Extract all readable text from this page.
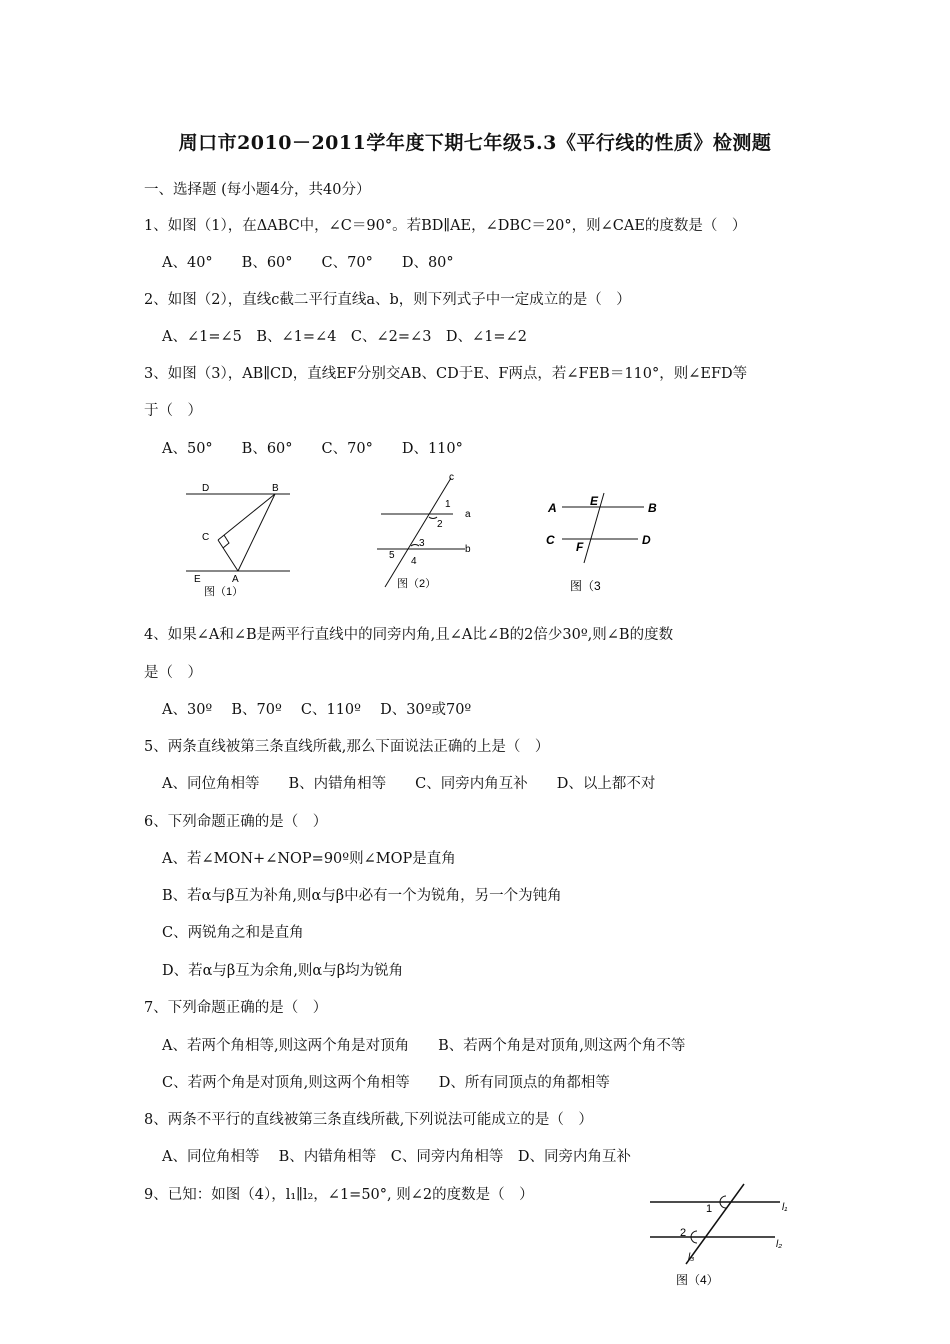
周口市2010－2011学年度下期七年级5.3《平行线的性质》检测题
一、选择题 (每小题4分，共40分）
1、如图（1），在ΔABC中，∠C＝90°。若BD∥AE，∠DBC＝20°，则∠CAE的度数是（　）
A、40°　　B、60°　　C、70°　　D、80°
2、如图（2），直线c截二平行直线a、b，则下列式子中一定成立的是（　）
A、∠1=∠5　B、∠1=∠4　C、∠2=∠3　D、∠1=∠2
3、如图（3），AB∥CD，直线EF分别交AB、CD于E、F两点，若∠FEB＝110°，则∠EFD等
于（　）
A、50°　　B、60°　　C、70°　　D、110°
D	B
C
E	A
图（1）
c
a
b
1
2
3
4
5
图（2）
A	E	B
C F	D
图（3
4、如果∠A和∠B是两平行直线中的同旁内角,且∠A比∠B的2倍少30º,则∠B的度数
是（　）
A、30º　 B、70º　 C、110º　 D、30º或70º
5、两条直线被第三条直线所截,那么下面说法正确的上是（　）
A、同位角相等　　B、内错角相等　　C、同旁内角互补　　D、以上都不对
6、下列命题正确的是（　）
A、若∠MON+∠NOP=90º则∠MOP是直角
B、若α与β互为补角,则α与β中必有一个为锐角，另一个为钝角
C、两锐角之和是直角
D、若α与β互为余角,则α与β均为锐角
7、下列命题正确的是（　）
A、若两个角相等,则这两个角是对顶角　　B、若两个角是对顶角,则这两个角不等
C、若两个角是对顶角,则这两个角相等　　D、所有同顶点的角都相等
8、两条不平行的直线被第三条直线所截,下列说法可能成立的是（　）
A、同位角相等　 B、内错角相等　C、同旁内角相等　D、同旁内角互补
9、已知：如图（4），l₁∥l₂，∠1=50°, 则∠2的度数是（　）
1
2
l₁
l₂
l₃
图（4）
